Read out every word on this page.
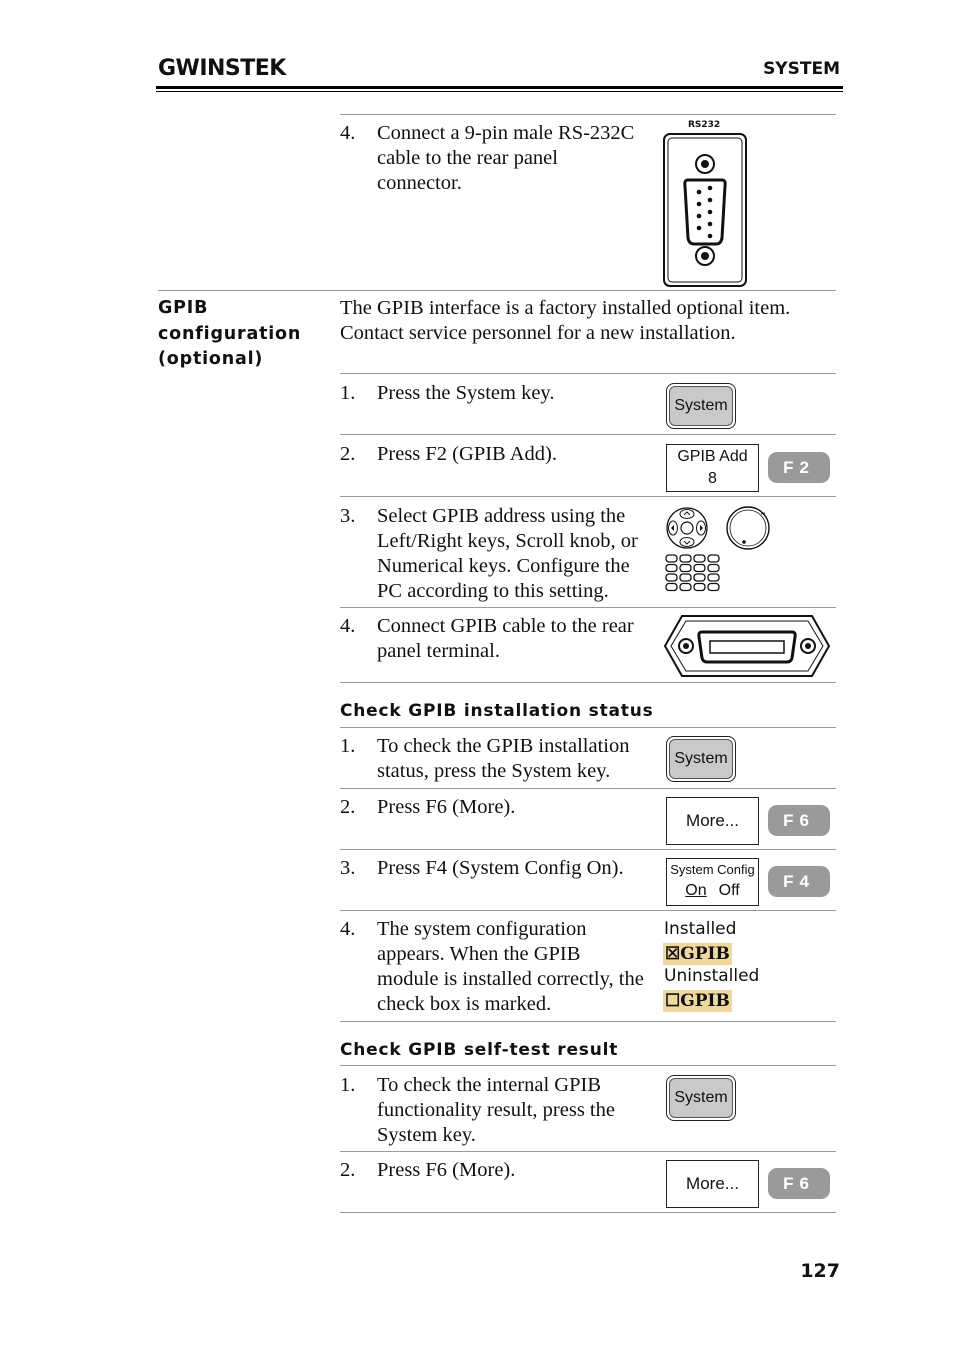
GWINSTEK	SYSTEM
4. Connect a 9-pin male RS-232C
cable to the rear panel
connector.
RS232
GPIB
configuration
(optional)
The GPIB interface is a factory installed optional item.
Contact service personnel for a new installation.
1. Press the System key.
System
2. Press F2 (GPIB Add).	GPIB Add
8
F2
3. Select GPIB address using the
Left/Right keys, Scroll knob, or
Numerical keys. Configure the
PC according to this setting.
4. Connect GPIB cable to the rear
panel terminal.
Check GPIB installation status
1. To check the GPIB installation
status, press the System key.
System
2. Press F6 (More).
More...	F6
3. Press F4 (System Config On).	System Config
On Off	F4
4. The system configuration
appears. When the GPIB
module is installed correctly, the
check box is marked.
Installed
☒GPIB
Uninstalled
☐GPIB
Check GPIB self-test result
1. To check the internal GPIB
functionality result, press the
System key.
System
2. Press F6 (More).
More...	F6
127
